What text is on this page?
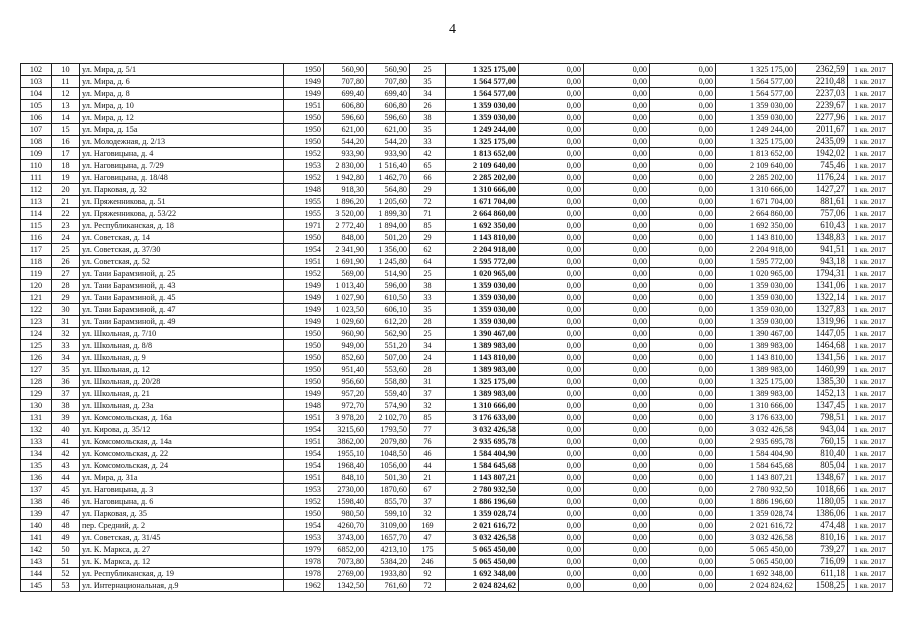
4
102	10	ул. Мира, д. 5/1	1950	560,90	560,90	25	1 325 175,00	0,00	0,00	0,00	1 325 175,00	2362,59	1 кв. 2017
103	11	ул. Мира, д. 6	1949	707,80	707,80	35	1 564 577,00	0,00	0,00	0,00	1 564 577,00	2210,48	1 кв. 2017
104	12	ул. Мира, д. 8	1949	699,40	699,40	34	1 564 577,00	0,00	0,00	0,00	1 564 577,00	2237,03	1 кв. 2017
105	13	ул. Мира, д. 10	1951	606,80	606,80	26	1 359 030,00	0,00	0,00	0,00	1 359 030,00	2239,67	1 кв. 2017
106	14	ул. Мира, д. 12	1950	596,60	596,60	38	1 359 030,00	0,00	0,00	0,00	1 359 030,00	2277,96	1 кв. 2017
107	15	ул. Мира, д. 15а	1950	621,00	621,00	35	1 249 244,00	0,00	0,00	0,00	1 249 244,00	2011,67	1 кв. 2017
108	16	ул. Молодежная, д. 2/13	1950	544,20	544,20	33	1 325 175,00	0,00	0,00	0,00	1 325 175,00	2435,09	1 кв. 2017
109	17	ул. Наговицына, д. 4	1952	933,90	933,90	42	1 813 652,00	0,00	0,00	0,00	1 813 652,00	1942,02	1 кв. 2017
110	18	ул. Наговицына, д. 7/29	1953	2 830,00	1 516,40	65	2 109 640,00	0,00	0,00	0,00	2 109 640,00	745,46	1 кв. 2017
111	19	ул. Наговицына, д. 18/48	1952	1 942,80	1 462,70	66	2 285 202,00	0,00	0,00	0,00	2 285 202,00	1176,24	1 кв. 2017
112	20	ул. Парковая, д. 32	1948	918,30	564,80	29	1 310 666,00	0,00	0,00	0,00	1 310 666,00	1427,27	1 кв. 2017
113	21	ул. Пряженникова, д. 51	1955	1 896,20	1 205,60	72	1 671 704,00	0,00	0,00	0,00	1 671 704,00	881,61	1 кв. 2017
114	22	ул. Пряженникова, д. 53/22	1955	3 520,00	1 899,30	71	2 664 860,00	0,00	0,00	0,00	2 664 860,00	757,06	1 кв. 2017
115	23	ул. Республиканская, д. 18	1971	2 772,40	1 894,00	85	1 692 350,00	0,00	0,00	0,00	1 692 350,00	610,43	1 кв. 2017
116	24	ул. Советская, д. 14	1950	848,00	501,20	29	1 143 810,00	0,00	0,00	0,00	1 143 810,00	1348,83	1 кв. 2017
117	25	ул. Советская, д. 37/30	1954	2 341,90	1 356,00	62	2 204 918,00	0,00	0,00	0,00	2 204 918,00	941,51	1 кв. 2017
118	26	ул. Советская, д. 52	1951	1 691,90	1 245,80	64	1 595 772,00	0,00	0,00	0,00	1 595 772,00	943,18	1 кв. 2017
119	27	ул. Тани Барамзиной, д. 25	1952	569,00	514,90	25	1 020 965,00	0,00	0,00	0,00	1 020 965,00	1794,31	1 кв. 2017
120	28	ул. Тани Барамзиной, д. 43	1949	1 013,40	596,00	38	1 359 030,00	0,00	0,00	0,00	1 359 030,00	1341,06	1 кв. 2017
121	29	ул. Тани Барамзиной, д. 45	1949	1 027,90	610,50	33	1 359 030,00	0,00	0,00	0,00	1 359 030,00	1322,14	1 кв. 2017
122	30	ул. Тани Барамзиной, д. 47	1949	1 023,50	606,10	35	1 359 030,00	0,00	0,00	0,00	1 359 030,00	1327,83	1 кв. 2017
123	31	ул. Тани Барамзиной, д. 49	1949	1 029,60	612,20	28	1 359 030,00	0,00	0,00	0,00	1 359 030,00	1319,96	1 кв. 2017
124	32	ул. Школьная, д. 7/10	1950	960,90	562,90	25	1 390 467,00	0,00	0,00	0,00	1 390 467,00	1447,05	1 кв. 2017
125	33	ул. Школьная, д. 8/8	1950	949,00	551,20	34	1 389 983,00	0,00	0,00	0,00	1 389 983,00	1464,68	1 кв. 2017
126	34	ул. Школьная, д. 9	1950	852,60	507,00	24	1 143 810,00	0,00	0,00	0,00	1 143 810,00	1341,56	1 кв. 2017
127	35	ул. Школьная, д. 12	1950	951,40	553,60	28	1 389 983,00	0,00	0,00	0,00	1 389 983,00	1460,99	1 кв. 2017
128	36	ул. Школьная, д. 20/28	1950	956,60	558,80	31	1 325 175,00	0,00	0,00	0,00	1 325 175,00	1385,30	1 кв. 2017
129	37	ул. Школьная, д. 21	1949	957,20	559,40	37	1 389 983,00	0,00	0,00	0,00	1 389 983,00	1452,13	1 кв. 2017
130	38	ул. Школьная, д. 23а	1948	972,70	574,90	32	1 310 666,00	0,00	0,00	0,00	1 310 666,00	1347,45	1 кв. 2017
131	39	ул. Комсомольская, д. 16а	1951	3 978,20	2 102,70	85	3 176 633,00	0,00	0,00	0,00	3 176 633,00	798,51	1 кв. 2017
132	40	ул. Кирова, д. 35/12	1954	3215,60	1793,50	77	3 032 426,58	0,00	0,00	0,00	3 032 426,58	943,04	1 кв. 2017
133	41	ул. Комсомольская, д. 14а	1951	3862,00	2079,80	76	2 935 695,78	0,00	0,00	0,00	2 935 695,78	760,15	1 кв. 2017
134	42	ул. Комсомольская, д. 22	1954	1955,10	1048,50	46	1 584 404,90	0,00	0,00	0,00	1 584 404,90	810,40	1 кв. 2017
135	43	ул. Комсомольская, д. 24	1954	1968,40	1056,00	44	1 584 645,68	0,00	0,00	0,00	1 584 645,68	805,04	1 кв. 2017
136	44	ул. Мира, д. 31а	1951	848,10	501,30	21	1 143 807,21	0,00	0,00	0,00	1 143 807,21	1348,67	1 кв. 2017
137	45	ул. Наговицына, д. 3	1953	2730,00	1870,60	67	2 780 932,50	0,00	0,00	0,00	2 780 932,50	1018,66	1 кв. 2017
138	46	ул. Наговицына, д. 6	1952	1598,40	855,70	37	1 886 196,60	0,00	0,00	0,00	1 886 196,60	1180,05	1 кв. 2017
139	47	ул. Парковая, д. 35	1950	980,50	599,10	32	1 359 028,74	0,00	0,00	0,00	1 359 028,74	1386,06	1 кв. 2017
140	48	пер. Средний, д. 2	1954	4260,70	3109,00	169	2 021 616,72	0,00	0,00	0,00	2 021 616,72	474,48	1 кв. 2017
141	49	ул. Советская, д. 31/45	1953	3743,00	1657,70	47	3 032 426,58	0,00	0,00	0,00	3 032 426,58	810,16	1 кв. 2017
142	50	ул. К. Маркса, д. 27	1979	6852,00	4213,10	175	5 065 450,00	0,00	0,00	0,00	5 065 450,00	739,27	1 кв. 2017
143	51	ул. К. Маркса, д. 12	1978	7073,80	5384,20	246	5 065 450,00	0,00	0,00	0,00	5 065 450,00	716,09	1 кв. 2017
144	52	ул. Республиканская, д. 19	1978	2769,00	1933,80	92	1 692 348,00	0,00	0,00	0,00	1 692 348,00	611,18	1 кв. 2017
145	53	ул. Интернациональная, д.9	1962	1342,50	761,60	72	2 024 824,62	0,00	0,00	0,00	2 024 824,62	1508,25	1 кв. 2017
